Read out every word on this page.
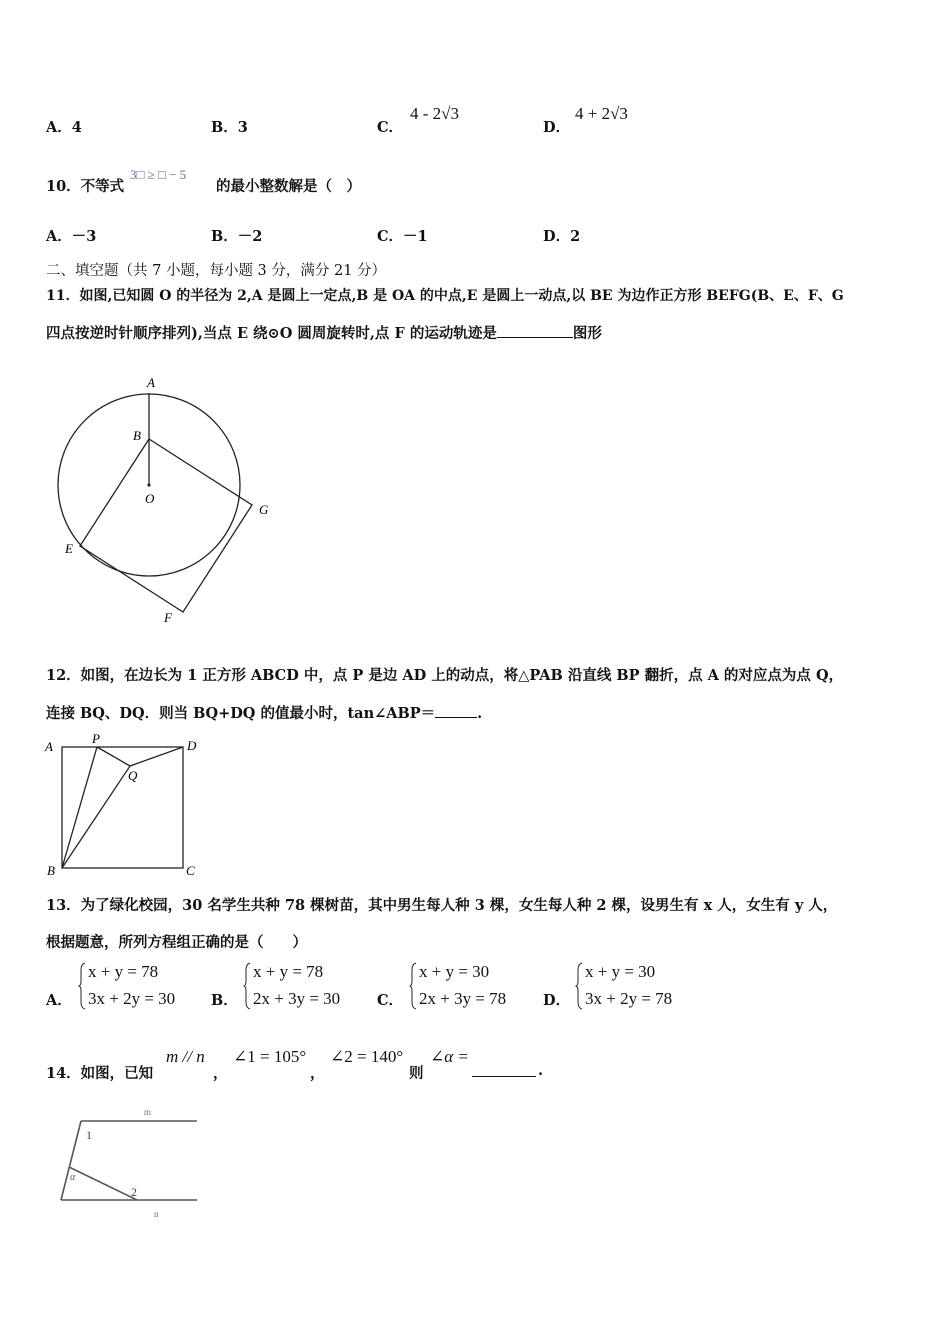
A．4	B．3	C．
4 - 2√3
D．
4 + 2√3
10．不等式
3□ ≥ □ − 5
的最小整数解是（　）
A．－3	B．－2	C．－1	D．2
二、填空题（共 7 小题，每小题 3 分，满分 21 分）
11．如图,已知圆 O 的半径为 2,A 是圆上一定点,B 是 OA 的中点,E 是圆上一动点,以 BE 为边作正方形 BEFG(B、E、F、G
四点按逆时针顺序排列),当点 E 绕⊙O 圆周旋转时,点 F 的运动轨迹是	图形
A
B
O
G
E
F
12．如图，在边长为 1 正方形 ABCD 中，点 P 是边 AD 上的动点，将△PAB 沿直线 BP 翻折，点 A 的对应点为点 Q，
连接 BQ、DQ．则当 BQ+DQ 的值最小时，tan∠ABP＝	.
A
P	D
Q
B	C
13．为了绿化校园，30 名学生共种 78 棵树苗，其中男生每人种 3 棵，女生每人种 2 棵，设男生有 x 人，女生有 y 人，
根据题意，所列方程组正确的是（　　）
A．
x + y = 78
3x + 2y = 30 B．
x + y = 78
2x + 3y = 30	C．
x + y = 30
2x + 3y = 78	D．
x + y = 30
3x + 2y = 78
14．如图，已知
m // n
，
∠1 = 105°
，
∠2 = 140°
则
∠α =
.
m
n
1
2
α
